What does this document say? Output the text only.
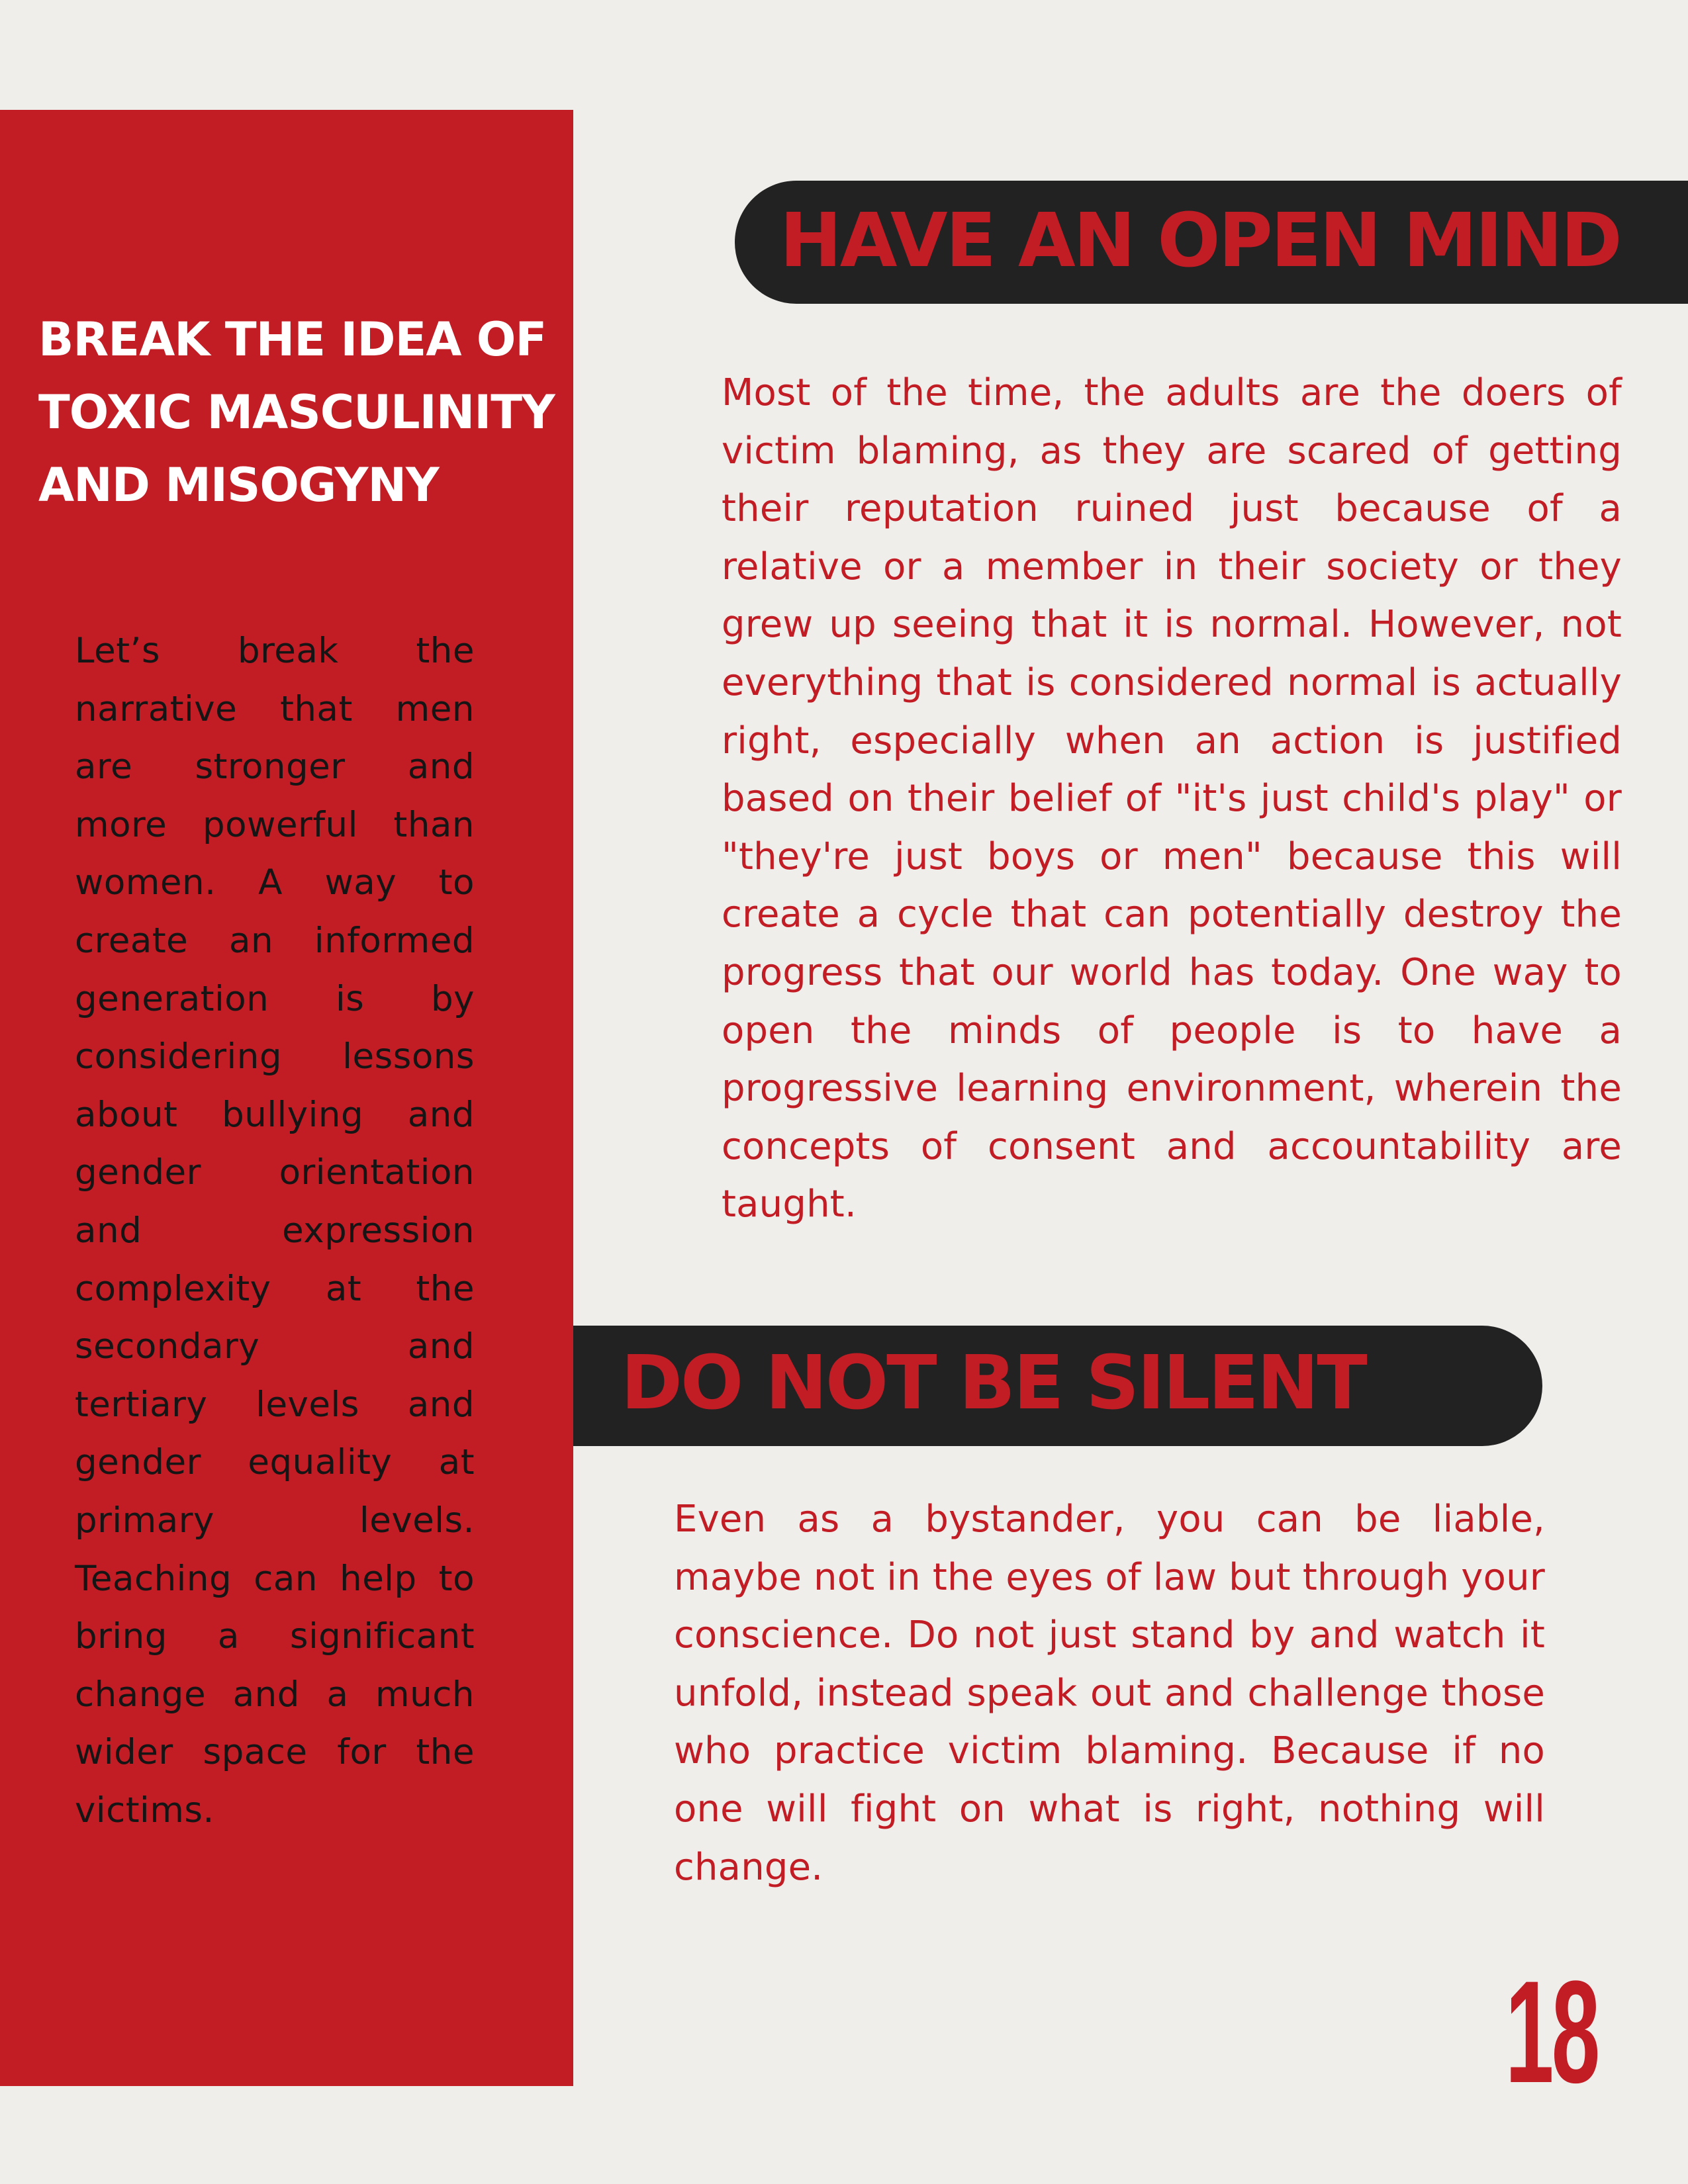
BREAK THE IDEA OF TOXIC MASCULINITY AND MISOGYNY

Let’s break the narrative that men are stronger and more powerful than women. A way to create an informed generation is by considering lessons about bullying and gender orientation and expression complexity at the secondary and tertiary levels and gender equality at primary levels. Teaching can help to bring a significant change and a much wider space for the victims.

HAVE AN OPEN MIND

Most of the time, the adults are the doers of victim blaming, as they are scared of getting their reputation ruined just because of a relative or a member in their society or they grew up seeing that it is normal. However, not everything that is considered normal is actually right, especially when an action is justified based on their belief of "it's just child's play" or "they're just boys or men" because this will create a cycle that can potentially destroy the progress that our world has today. One way to open the minds of people is to have a progressive learning environment, wherein the concepts of consent and accountability are taught.

DO NOT BE SILENT

Even as a bystander, you can be liable, maybe not in the eyes of law but through your conscience. Do not just stand by and watch it unfold, instead speak out and challenge those who practice victim blaming. Because if no one will fight on what is right, nothing will change.

18
